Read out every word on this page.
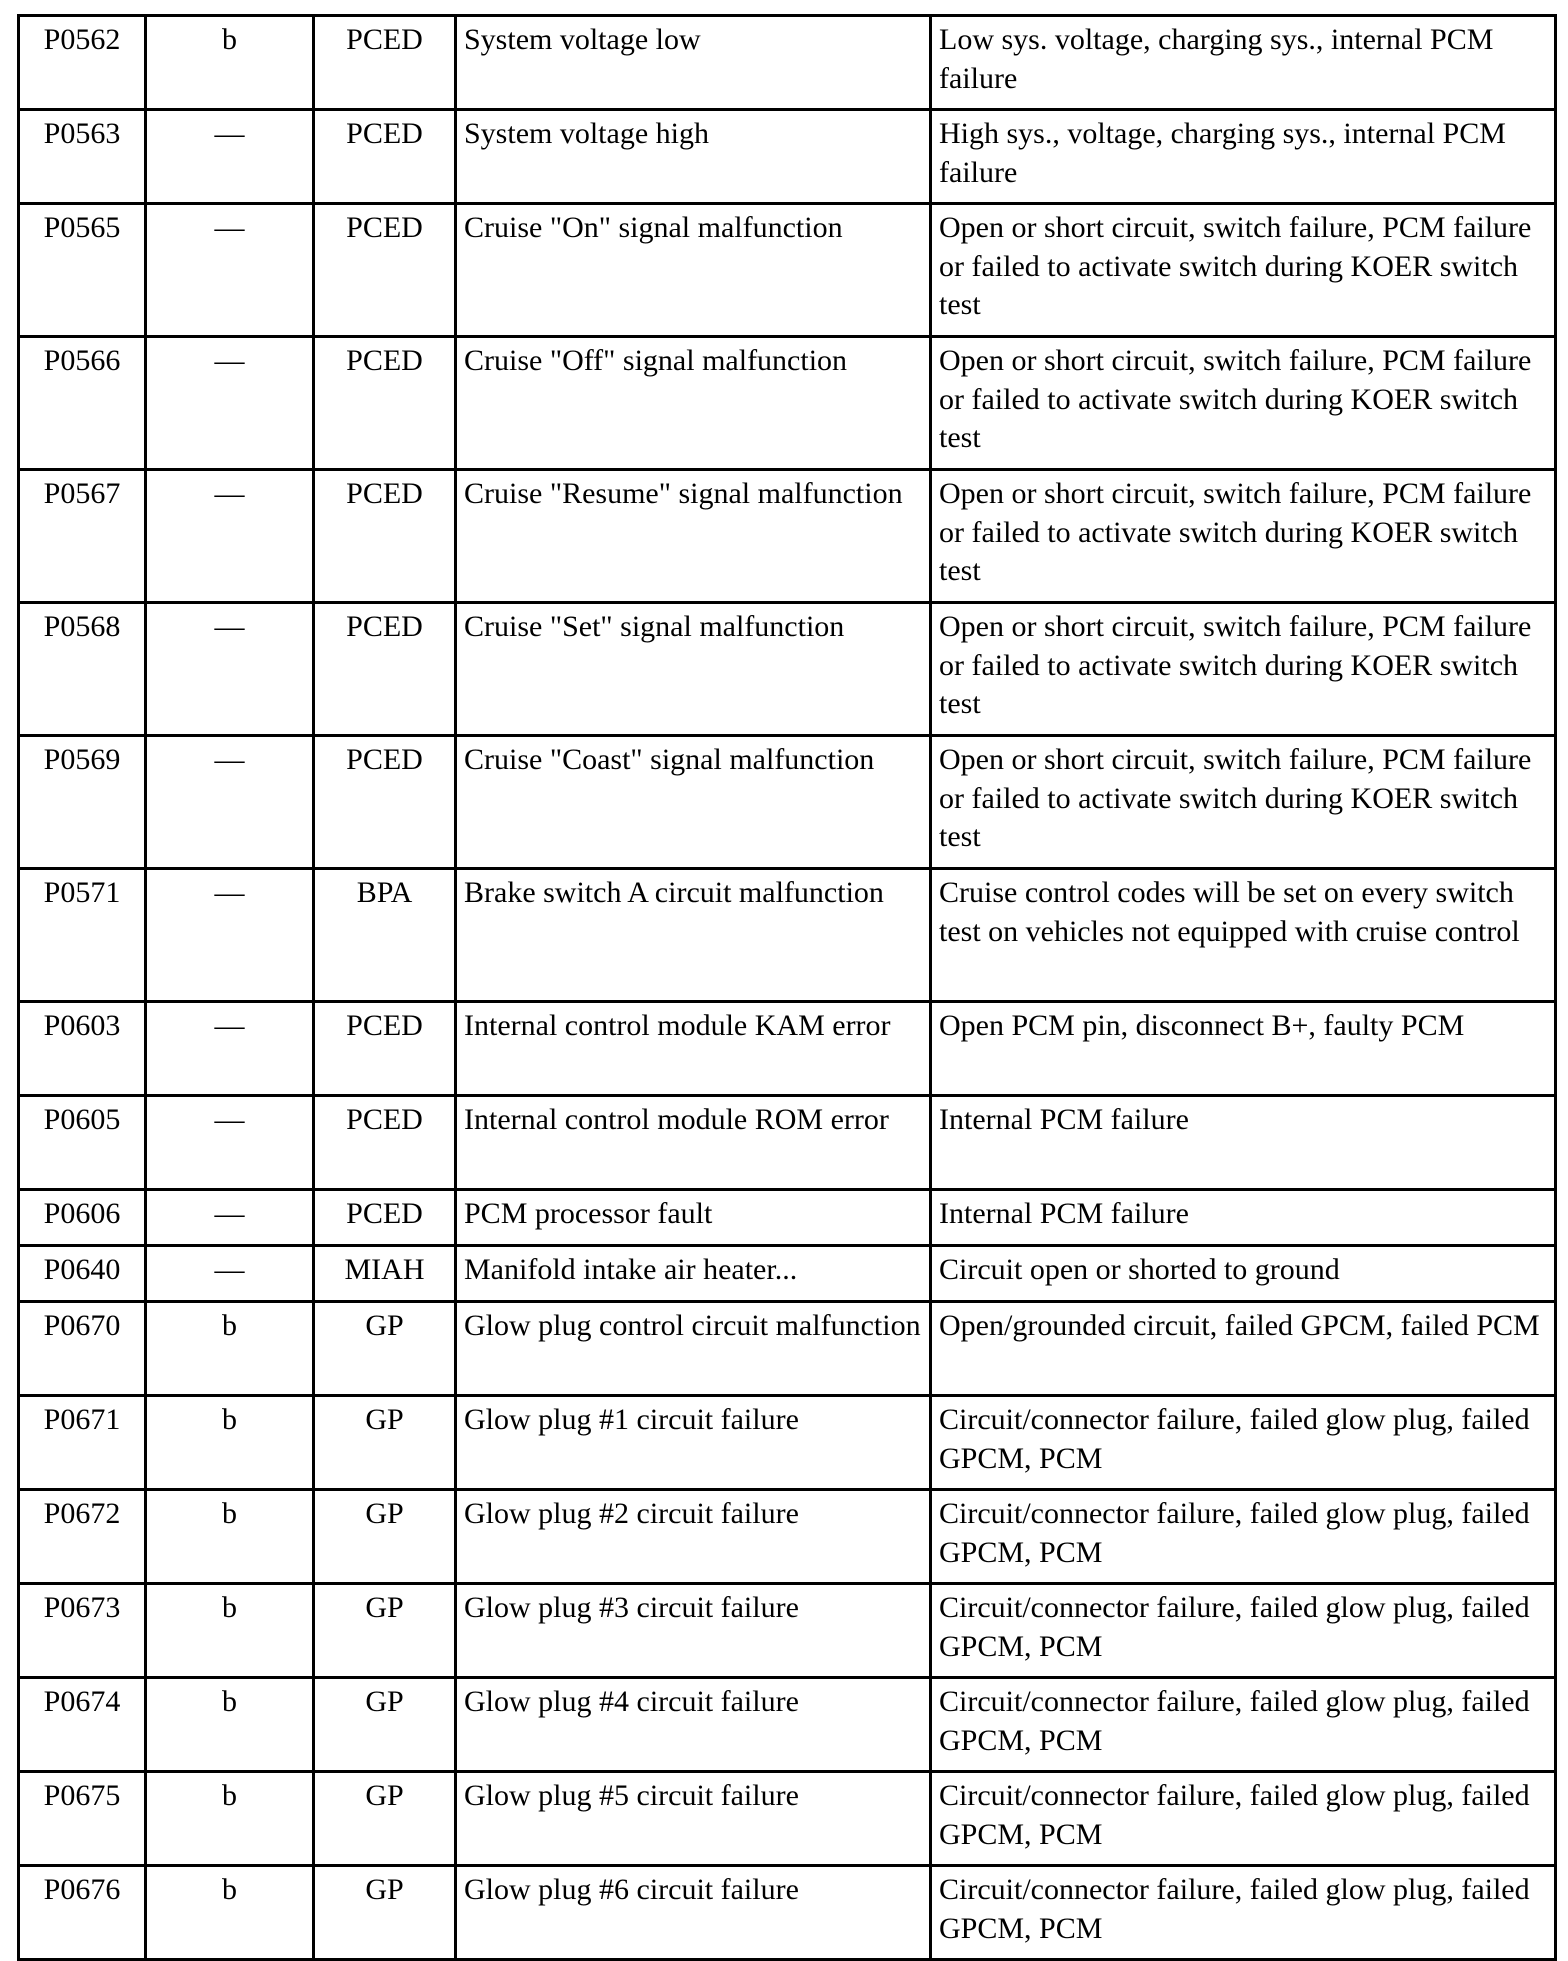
P0562	b	PCED	System voltage low	Low sys. voltage, charging sys., internal PCM failure
P0563	—	PCED	System voltage high	High sys., voltage, charging sys., internal PCM failure
P0565	—	PCED	Cruise "On" signal malfunction	Open or short circuit, switch failure, PCM failure or failed to activate switch during KOER switch test
P0566	—	PCED	Cruise "Off" signal malfunction	Open or short circuit, switch failure, PCM failure or failed to activate switch during KOER switch test
P0567	—	PCED	Cruise "Resume" signal malfunction	Open or short circuit, switch failure, PCM failure or failed to activate switch during KOER switch test
P0568	—	PCED	Cruise "Set" signal malfunction	Open or short circuit, switch failure, PCM failure or failed to activate switch during KOER switch test
P0569	—	PCED	Cruise "Coast" signal malfunction	Open or short circuit, switch failure, PCM failure or failed to activate switch during KOER switch test
P0571	—	BPA	Brake switch A circuit malfunction	Cruise control codes will be set on every switch test on vehicles not equipped with cruise control
P0603	—	PCED	Internal control module KAM error	Open PCM pin, disconnect B+, faulty PCM
P0605	—	PCED	Internal control module ROM error	Internal PCM failure
P0606	—	PCED	PCM processor fault	Internal PCM failure
P0640	—	MIAH	Manifold intake air heater...	Circuit open or shorted to ground
P0670	b	GP	Glow plug control circuit malfunction	Open/grounded circuit, failed GPCM, failed PCM
P0671	b	GP	Glow plug #1 circuit failure	Circuit/connector failure, failed glow plug, failed GPCM, PCM
P0672	b	GP	Glow plug #2 circuit failure	Circuit/connector failure, failed glow plug, failed GPCM, PCM
P0673	b	GP	Glow plug #3 circuit failure	Circuit/connector failure, failed glow plug, failed GPCM, PCM
P0674	b	GP	Glow plug #4 circuit failure	Circuit/connector failure, failed glow plug, failed GPCM, PCM
P0675	b	GP	Glow plug #5 circuit failure	Circuit/connector failure, failed glow plug, failed GPCM, PCM
P0676	b	GP	Glow plug #6 circuit failure	Circuit/connector failure, failed glow plug, failed GPCM, PCM
